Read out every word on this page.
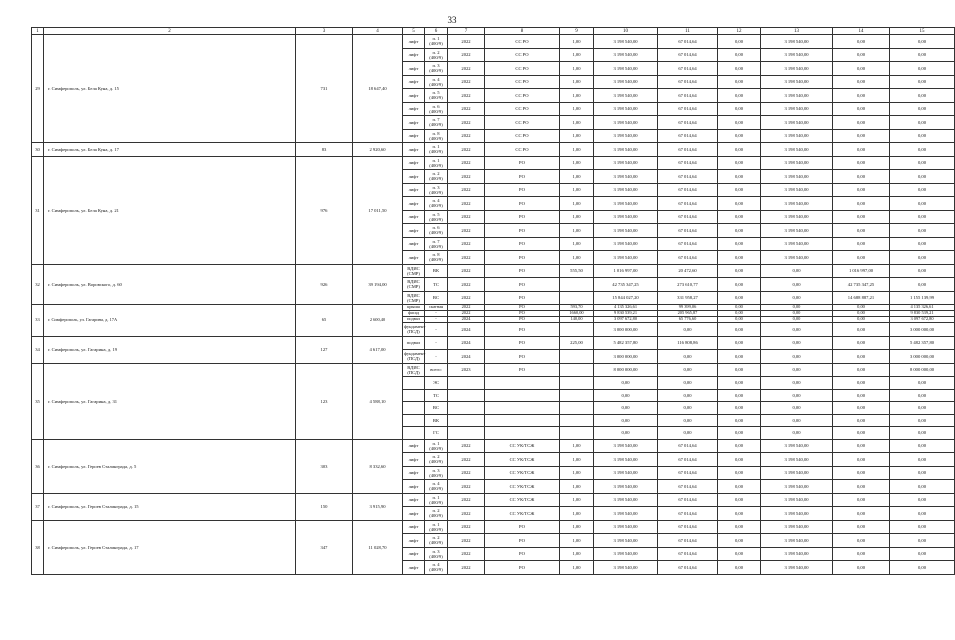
33
1	2	3	4	5	6	7	8	9	10	11	12	13	14	15
29	г. Симферополь, ул. Бела Куна, д. 15	731	18 647,40	лифт	п. 1 (400/9)	2022	СС РО	1,00	3 198 540,00	67 014,64	0,00	3 198 540,00	0,00	0,00
				лифт	п. 2 (400/9)	2022	СС РО	1,00	3 198 540,00	67 014,64	0,00	3 198 540,00	0,00	0,00
				лифт	п. 3 (400/9)	2022	СС РО	1,00	3 198 540,00	67 014,64	0,00	3 198 540,00	0,00	0,00
				лифт	п. 4 (400/9)	2022	СС РО	1,00	3 198 540,00	67 014,64	0,00	3 198 540,00	0,00	0,00
				лифт	п. 5 (400/9)	2022	СС РО	1,00	3 198 540,00	67 014,64	0,00	3 198 540,00	0,00	0,00
				лифт	п. 6 (400/9)	2022	СС РО	1,00	3 198 540,00	67 014,64	0,00	3 198 540,00	0,00	0,00
				лифт	п. 7 (400/9)	2022	СС РО	1,00	3 198 540,00	67 014,64	0,00	3 198 540,00	0,00	0,00
				лифт	п. 8 (400/9)	2022	СС РО	1,00	3 198 540,00	67 014,64	0,00	3 198 540,00	0,00	0,00
30	г. Симферополь, ул. Бела Куна, д. 17	83	2 920,60	лифт	п. 1 (400/9)	2022	СС РО	1,00	3 198 540,00	67 014,64	0,00	3 198 540,00	0,00	0,00
31	г. Симферополь, ул. Бела Куна, д. 21	976	17 011,50	лифт	п. 1 (400/9)	2022	РО	1,00	3 198 540,00	67 014,64	0,00	3 198 540,00	0,00	0,00
				лифт	п. 2 (400/9)	2022	РО	1,00	3 198 540,00	67 014,64	0,00	3 198 540,00	0,00	0,00
				лифт	п. 3 (400/9)	2022	РО	1,00	3 198 540,00	67 014,64	0,00	3 198 540,00	0,00	0,00
				лифт	п. 4 (400/9)	2022	РО	1,00	3 198 540,00	67 014,64	0,00	3 198 540,00	0,00	0,00
				лифт	п. 5 (400/9)	2022	РО	1,00	3 198 540,00	67 014,64	0,00	3 198 540,00	0,00	0,00
				лифт	п. 6 (400/9)	2022	РО	1,00	3 198 540,00	67 014,64	0,00	3 198 540,00	0,00	0,00
				лифт	п. 7 (400/9)	2022	РО	1,00	3 198 540,00	67 014,64	0,00	3 198 540,00	0,00	0,00
				лифт	п. 8 (400/9)	2022	РО	1,00	3 198 540,00	67 014,64	0,00	3 198 540,00	0,00	0,00
32	г. Симферополь, ул. Воровского, д. 60	926	39 194,00	ВДИС (СМР)	ВК	2022	РО	555,50	1 016 997,00	20 472,60	0,00	0,00	1 016 997,00	0,00
				ВДИС (СМР)	ТС	2022	РО		42 735 347,25	273 610,77	0,00	0,00	42 735 347,25	0,00
				ВДИС (СМР)	ВС	2022	РО		15 844 027,20	331 958,27	0,00	0,00	14 688 887,21	1 155 139,99
33	г. Симферополь, ул. Гагарина, д. 17А	65	2 600,40	крыша	скатная	2022	РО	593,70	4 135 326,61	99 399,06	0,00	0,00	0,00	4 135 326,61
				фасад	-	2022	РО	1660,00	9 830 539,21	205 965,87	0,00	0,00	0,00	9 830 539,21
				подвал	-	2024	РО	140,00	3 097 672,80	65 776,60	0,00	0,00	0,00	3 097 672,80
				фундамент (ПСД)	-	2024	РО		3 000 000,00	0,00	0,00	0,00	0,00	3 000 000,00
34	г. Симферополь, ул. Гагарина, д. 19	127	4 617,00	подвал	-	2024	РО	225,00	5 482 357,80	116 808,86	0,00	0,00	0,00	5 482 357,80
				фундамент (ПСД)	-	2024	РО		3 000 000,00	0,00	0,00	0,00	0,00	3 000 000,00
35	г. Симферополь, ул. Гагарина, д. 31	123	4 588,10	ВДИС (ПСД)	всего:	2023	РО		8 000 000,00	0,00	0,00	0,00	0,00	8 000 000,00
					ЭС				0,00	0,00	0,00	0,00	0,00	0,00
					ТС				0,00	0,00	0,00	0,00	0,00	0,00
					ВС				0,00	0,00	0,00	0,00	0,00	0,00
					ВК				0,00	0,00	0,00	0,00	0,00	0,00
					ГС				0,00	0,00	0,00	0,00	0,00	0,00
36	г. Симферополь, ул. Героев Сталинграда, д. 5	303	8 332,60	лифт	п. 1 (400/9)	2022	СС УК/ТСЖ	1,00	3 198 540,00	67 014,64	0,00	3 198 540,00	0,00	0,00
				лифт	п. 2 (400/9)	2022	СС УК/ТСЖ	1,00	3 198 540,00	67 014,64	0,00	3 198 540,00	0,00	0,00
				лифт	п. 3 (400/9)	2022	СС УК/ТСЖ	1,00	3 198 540,00	67 014,64	0,00	3 198 540,00	0,00	0,00
				лифт	п. 4 (400/9)	2022	СС УК/ТСЖ	1,00	3 198 540,00	67 014,64	0,00	3 198 540,00	0,00	0,00
37	г. Симферополь, ул. Героев Сталинграда, д. 15	150	3 915,90	лифт	п. 1 (400/9)	2022	СС УК/ТСЖ	1,00	3 198 540,00	67 014,64	0,00	3 198 540,00	0,00	0,00
				лифт	п. 2 (400/9)	2022	СС УК/ТСЖ	1,00	3 198 540,00	67 014,64	0,00	3 198 540,00	0,00	0,00
38	г. Симферополь, ул. Героев Сталинграда, д. 17	347	11 028,70	лифт	п. 1 (400/9)	2022	РО	1,00	3 198 540,00	67 014,64	0,00	3 198 540,00	0,00	0,00
				лифт	п. 2 (400/9)	2022	РО	1,00	3 198 540,00	67 014,64	0,00	3 198 540,00	0,00	0,00
				лифт	п. 3 (400/9)	2022	РО	1,00	3 198 540,00	67 014,64	0,00	3 198 540,00	0,00	0,00
				лифт	п. 4 (400/9)	2022	РО	1,00	3 198 540,00	67 014,64	0,00	3 198 540,00	0,00	0,00
